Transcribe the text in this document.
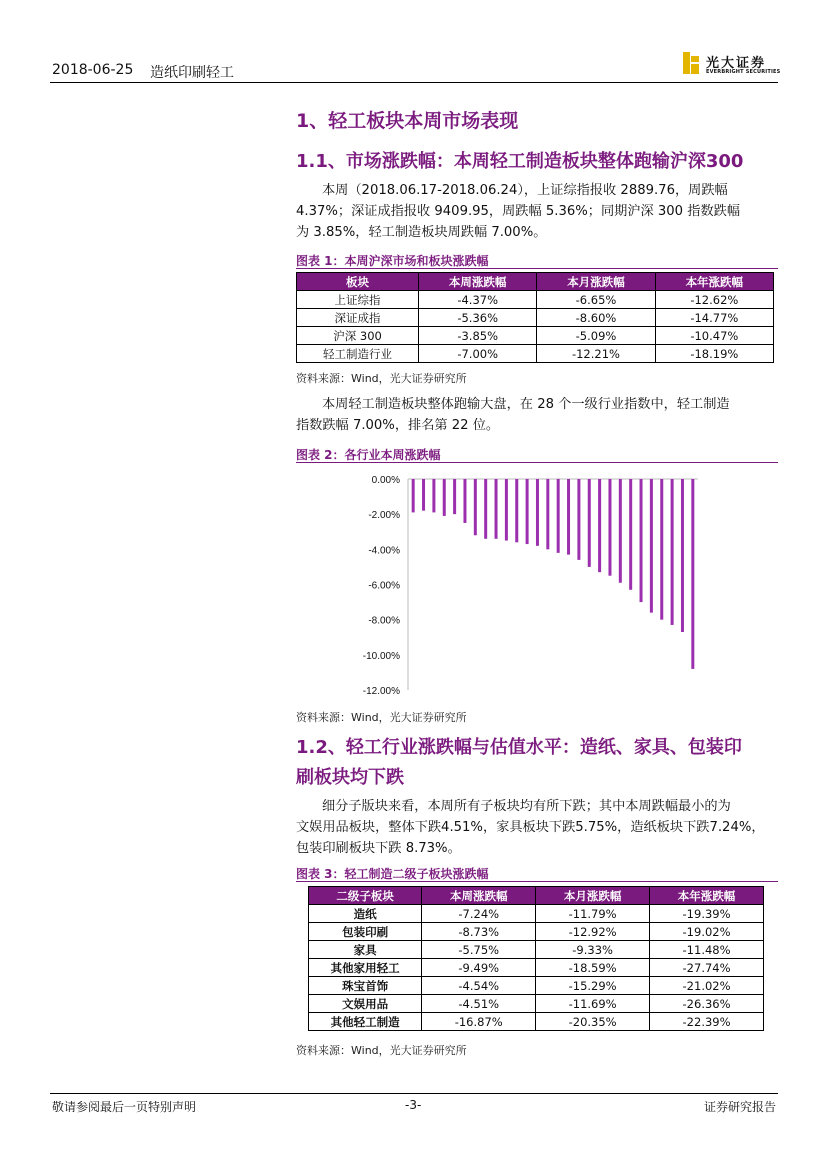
2018-06-25 造纸印刷轻工
光大证券
EVERBRIGHT SECURITIES
1、轻工板块本周市场表现
1.1、市场涨跌幅：本周轻工制造板块整体跑输沪深300
本周（2018.06.17-2018.06.24），上证综指报收 2889.76，周跌幅
4.37%；深证成指报收 9409.95，周跌幅 5.36%；同期沪深 300 指数跌幅
为 3.85%，轻工制造板块周跌幅 7.00%。
图表 1：本周沪深市场和板块涨跌幅
板块	本周涨跌幅	本月涨跌幅	本年涨跌幅
上证综指	-4.37%	-6.65%	-12.62%
深证成指	-5.36%	-8.60%	-14.77%
沪深 300	-3.85%	-5.09%	-10.47%
轻工制造行业	-7.00%	-12.21%	-18.19%
资料来源：Wind，光大证券研究所
本周轻工制造板块整体跑输大盘，在 28 个一级行业指数中，轻工制造
指数跌幅 7.00%，排名第 22 位。
图表 2：各行业本周涨跌幅
0.00%
-2.00%
-4.00%
-6.00%
-8.00%
-10.00%
-12.00%
资料来源：Wind，光大证券研究所
1.2、轻工行业涨跌幅与估值水平：造纸、家具、包装印
刷板块均下跌
细分子版块来看，本周所有子板块均有所下跌；其中本周跌幅最小的为
文娱用品板块，整体下跌4.51%，家具板块下跌5.75%，造纸板块下跌7.24%，
包装印刷板块下跌 8.73%。
图表 3：轻工制造二级子板块涨跌幅
二级子板块	本周涨跌幅	本月涨跌幅	本年涨跌幅
造纸	-7.24%	-11.79%	-19.39%
包装印刷	-8.73%	-12.92%	-19.02%
家具	-5.75%	-9.33%	-11.48%
其他家用轻工	-9.49%	-18.59%	-27.74%
珠宝首饰	-4.54%	-15.29%	-21.02%
文娱用品	-4.51%	-11.69%	-26.36%
其他轻工制造	-16.87%	-20.35%	-22.39%
资料来源：Wind，光大证券研究所
敬请参阅最后一页特别声明	-3-	证券研究报告
